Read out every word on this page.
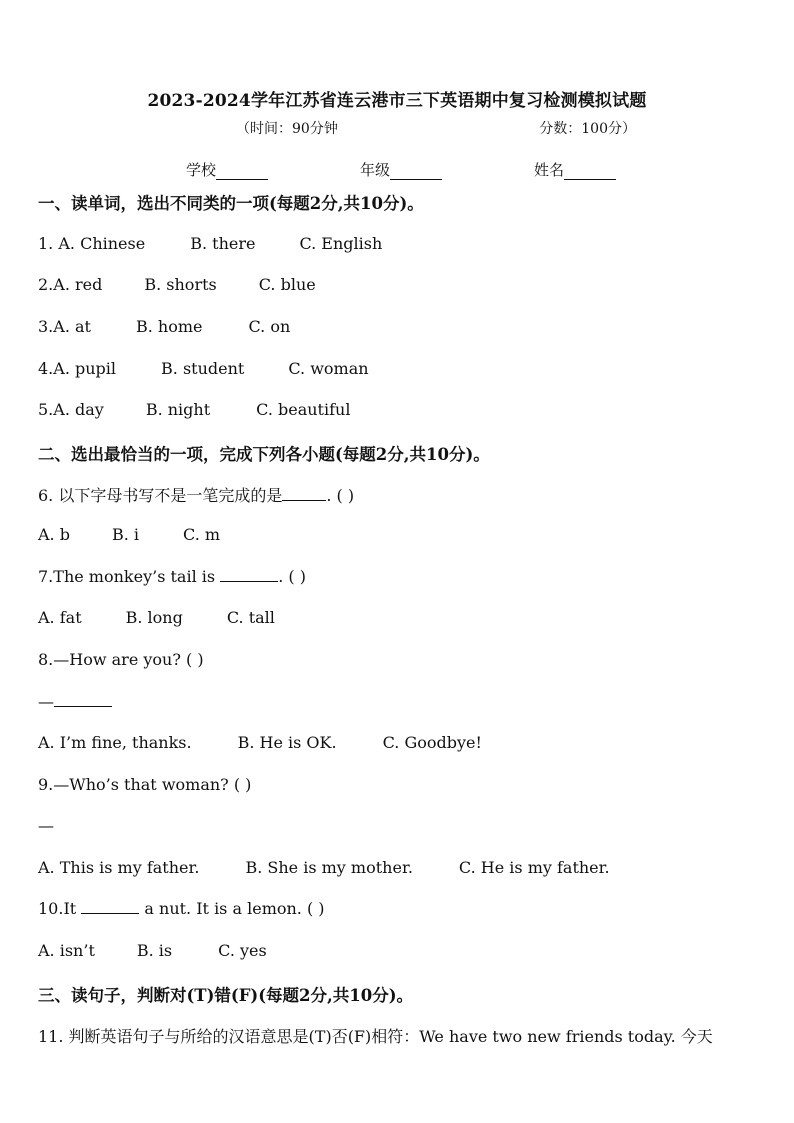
2023-2024学年江苏省连云港市三下英语期中复习检测模拟试题
（时间：90分钟	分数：100分）
学校	年级	姓名
一、读单词，选出不同类的一项(每题2分,共10分)。
1. A. Chinese	B. there	C. English
2.A. red	B. shorts	C. blue
3.A. at	B. home	C. on
4.A. pupil	B. student	C. woman
5.A. day	B. night	C. beautiful
二、选出最恰当的一项，完成下列各小题(每题2分,共10分)。
6. 以下字母书写不是一笔完成的是	. ( )
A. b	B. i	C. m
7.The monkey’s tail is	. ( )
A. fat	B. long	C. tall
8.—How are you? ( )
—
A. I’m fine, thanks.	B. He is OK.	C. Goodbye!
9.—Who’s that woman? ( )
—
A. This is my father.	B. She is my mother.	C. He is my father.
10.It	a nut. It is a lemon. ( )
A. isn’t	B. is	C. yes
三、读句子，判断对(T)错(F)(每题2分,共10分)。
11. 判断英语句子与所给的汉语意思是(T)否(F)相符：We have two new friends today. 今天
